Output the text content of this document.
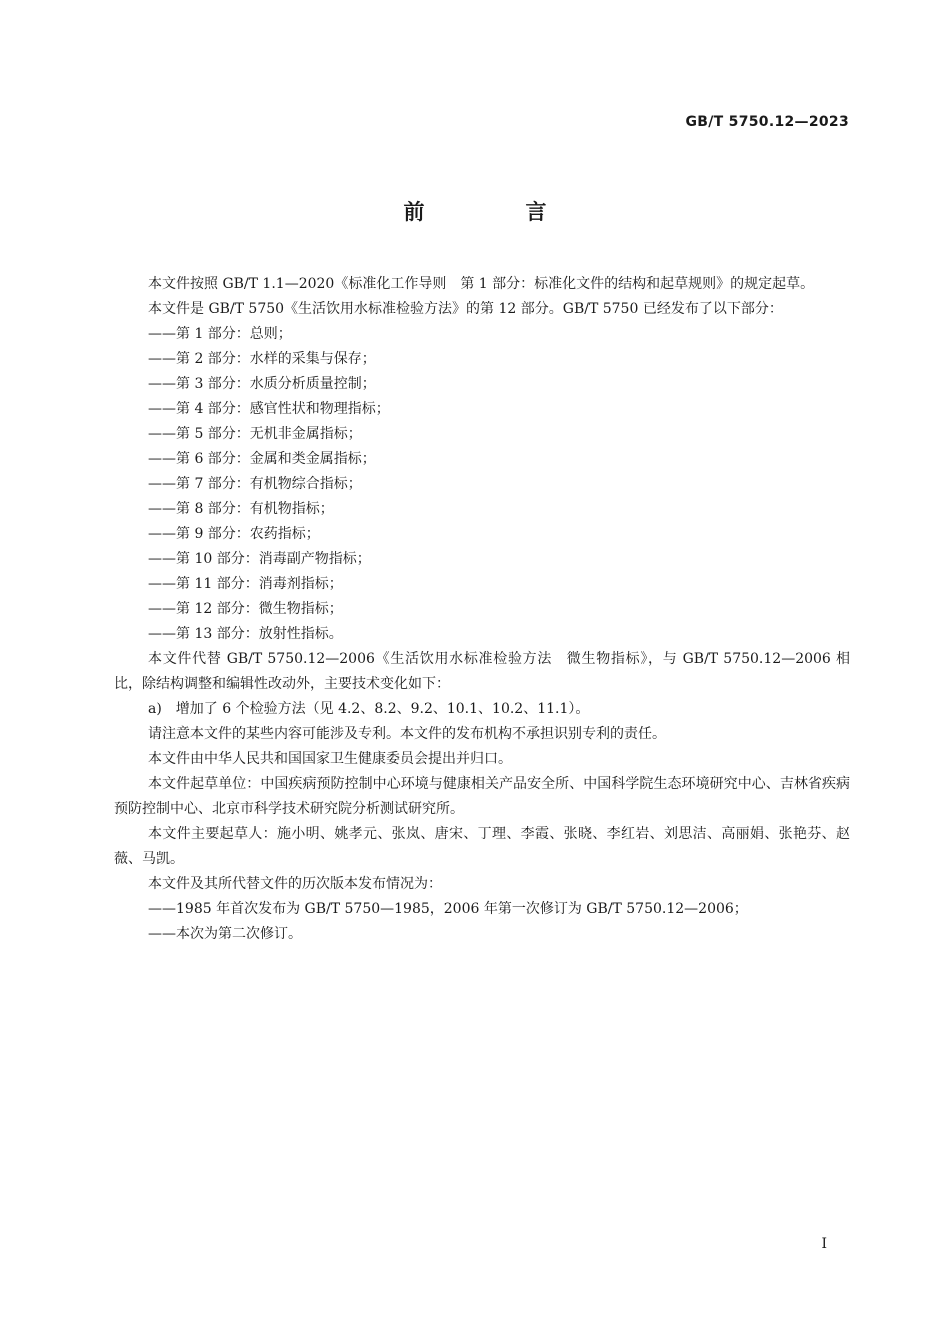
GB/T 5750.12—2023
前　言

本文件按照 GB/T 1.1—2020《标准化工作导则　第 1 部分：标准化文件的结构和起草规则》的规定起草。

本文件是 GB/T 5750《生活饮用水标准检验方法》的第 12 部分。GB/T 5750 已经发布了以下部分：

——第 1 部分：总则；

——第 2 部分：水样的采集与保存；

——第 3 部分：水质分析质量控制；

——第 4 部分：感官性状和物理指标；

——第 5 部分：无机非金属指标；

——第 6 部分：金属和类金属指标；

——第 7 部分：有机物综合指标；

——第 8 部分：有机物指标；

——第 9 部分：农药指标；

——第 10 部分：消毒副产物指标；

——第 11 部分：消毒剂指标；

——第 12 部分：微生物指标；

——第 13 部分：放射性指标。

本文件代替 GB/T 5750.12—2006《生活饮用水标准检验方法　微生物指标》，与 GB/T 5750.12—2006 相比，除结构调整和编辑性改动外，主要技术变化如下：

a)　增加了 6 个检验方法（见 4.2、8.2、9.2、10.1、10.2、11.1）。

请注意本文件的某些内容可能涉及专利。本文件的发布机构不承担识别专利的责任。

本文件由中华人民共和国国家卫生健康委员会提出并归口。

本文件起草单位：中国疾病预防控制中心环境与健康相关产品安全所、中国科学院生态环境研究中心、吉林省疾病预防控制中心、北京市科学技术研究院分析测试研究所。

本文件主要起草人：施小明、姚孝元、张岚、唐宋、丁理、李霞、张晓、李红岩、刘思洁、高丽娟、张艳芬、赵薇、马凯。

本文件及其所代替文件的历次版本发布情况为：

——1985 年首次发布为 GB/T 5750—1985，2006 年第一次修订为 GB/T 5750.12—2006；

——本次为第二次修订。

I
